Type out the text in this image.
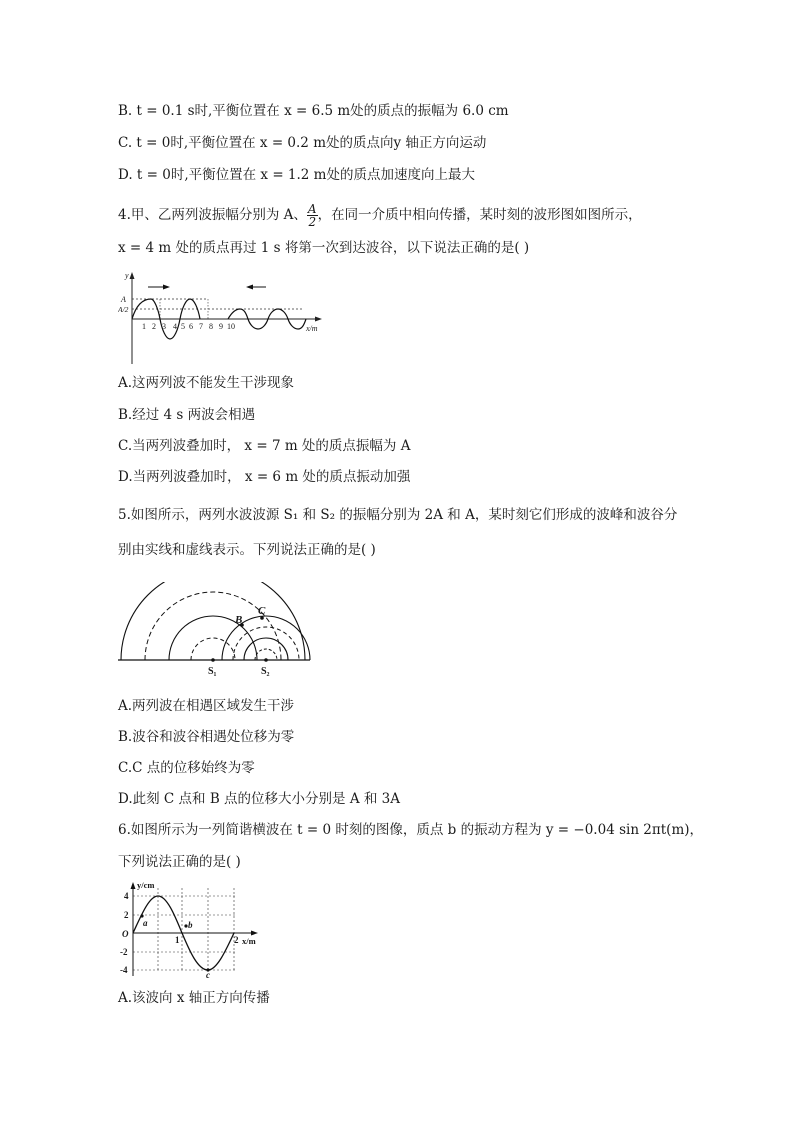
B. t = 0.1 s时,平衡位置在 x = 6.5 m处的质点的振幅为 6.0 cm
C. t = 0时,平衡位置在 x = 0.2 m处的质点向y 轴正方向运动
D. t = 0时,平衡位置在 x = 1.2 m处的质点加速度向上最大
4.甲、乙两列波振幅分别为 A、 $\frac{A}{2}$ ，在同一介质中相向传播，某时刻的波形图如图所示，
x = 4 m 处的质点再过 1 s 将第一次到达波谷，以下说法正确的是( )
y
x/m
A
A/2
1 2 3 4 5 6 7 8 9 10
A.这两列波不能发生干涉现象
B.经过 4 s 两波会相遇
C.当两列波叠加时， x = 7 m 处的质点振幅为 A
D.当两列波叠加时， x = 6 m 处的质点振动加强
5.如图所示，两列水波波源 S₁ 和 S₂ 的振幅分别为 2A 和 A，某时刻它们形成的波峰和波谷分
别由实线和虚线表示。下列说法正确的是( )
B
C
S₁	S₂
A.两列波在相遇区域发生干涉
B.波谷和波谷相遇处位移为零
C.C 点的位移始终为零
D.此刻 C 点和 B 点的位移大小分别是 A 和 3A
6.如图所示为一列简谐横波在 t = 0 时刻的图像，质点 b 的振动方程为 y = −0.04 sin 2πt(m)，
下列说法正确的是( )
y/cm
x/m
4
2
O
-2
-4
1	2
a	b
c
A.该波向 x 轴正方向传播
